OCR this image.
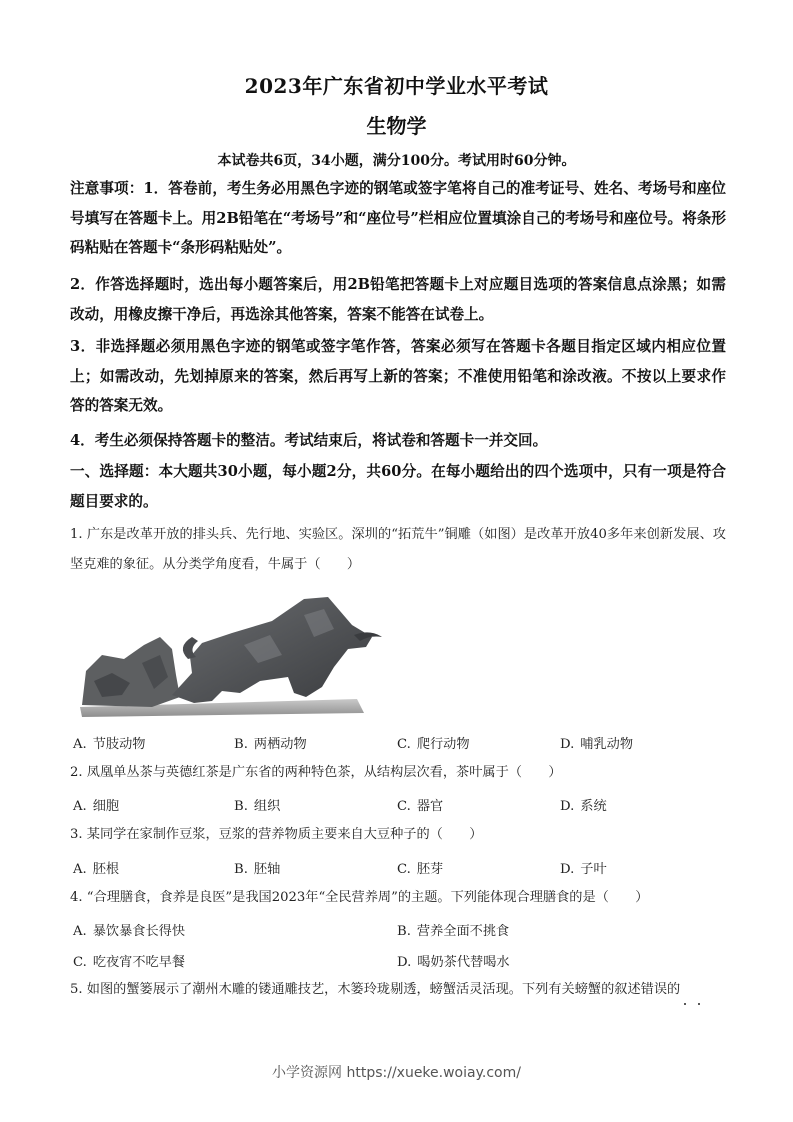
2023年广东省初中学业水平考试
生物学
本试卷共6页，34小题，满分100分。考试用时60分钟。
注意事项：1．答卷前，考生务必用黑色字迹的钢笔或签字笔将自己的准考证号、姓名、考场号和座位号填写在答题卡上。用2B铅笔在“考场号”和“座位号”栏相应位置填涂自己的考场号和座位号。将条形码粘贴在答题卡“条形码粘贴处”。
2．作答选择题时，选出每小题答案后，用2B铅笔把答题卡上对应题目选项的答案信息点涂黑；如需改动，用橡皮擦干净后，再选涂其他答案，答案不能答在试卷上。
3．非选择题必须用黑色字迹的钢笔或签字笔作答，答案必须写在答题卡各题目指定区域内相应位置上；如需改动，先划掉原来的答案，然后再写上新的答案；不准使用铅笔和涂改液。不按以上要求作答的答案无效。
4．考生必须保持答题卡的整洁。考试结束后，将试卷和答题卡一并交回。
一、选择题：本大题共30小题，每小题2分，共60分。在每小题给出的四个选项中，只有一项是符合题目要求的。
1. 广东是改革开放的排头兵、先行地、实验区。深圳的“拓荒牛”铜雕（如图）是改革开放40多年来创新发展、攻坚克难的象征。从分类学角度看，牛属于（　　）
A. 节肢动物	B. 两栖动物	C. 爬行动物	D. 哺乳动物
2. 凤凰单丛茶与英德红茶是广东省的两种特色茶，从结构层次看，茶叶属于（　　）
A. 细胞	B. 组织	C. 器官	D. 系统
3. 某同学在家制作豆浆，豆浆的营养物质主要来自大豆种子的（　　）
A. 胚根	B. 胚轴	C. 胚芽	D. 子叶
4. “合理膳食，食养是良医”是我国2023年“全民营养周”的主题。下列能体现合理膳食的是（　　）
A. 暴饮暴食长得快	B. 营养全面不挑食
C. 吃夜宵不吃早餐	D. 喝奶茶代替喝水
5. 如图的蟹篓展示了潮州木雕的镂通雕技艺，木篓玲珑剔透，螃蟹活灵活现。下列有关螃蟹的叙述错误的
小学资源网 https://xueke.woiay.com/
